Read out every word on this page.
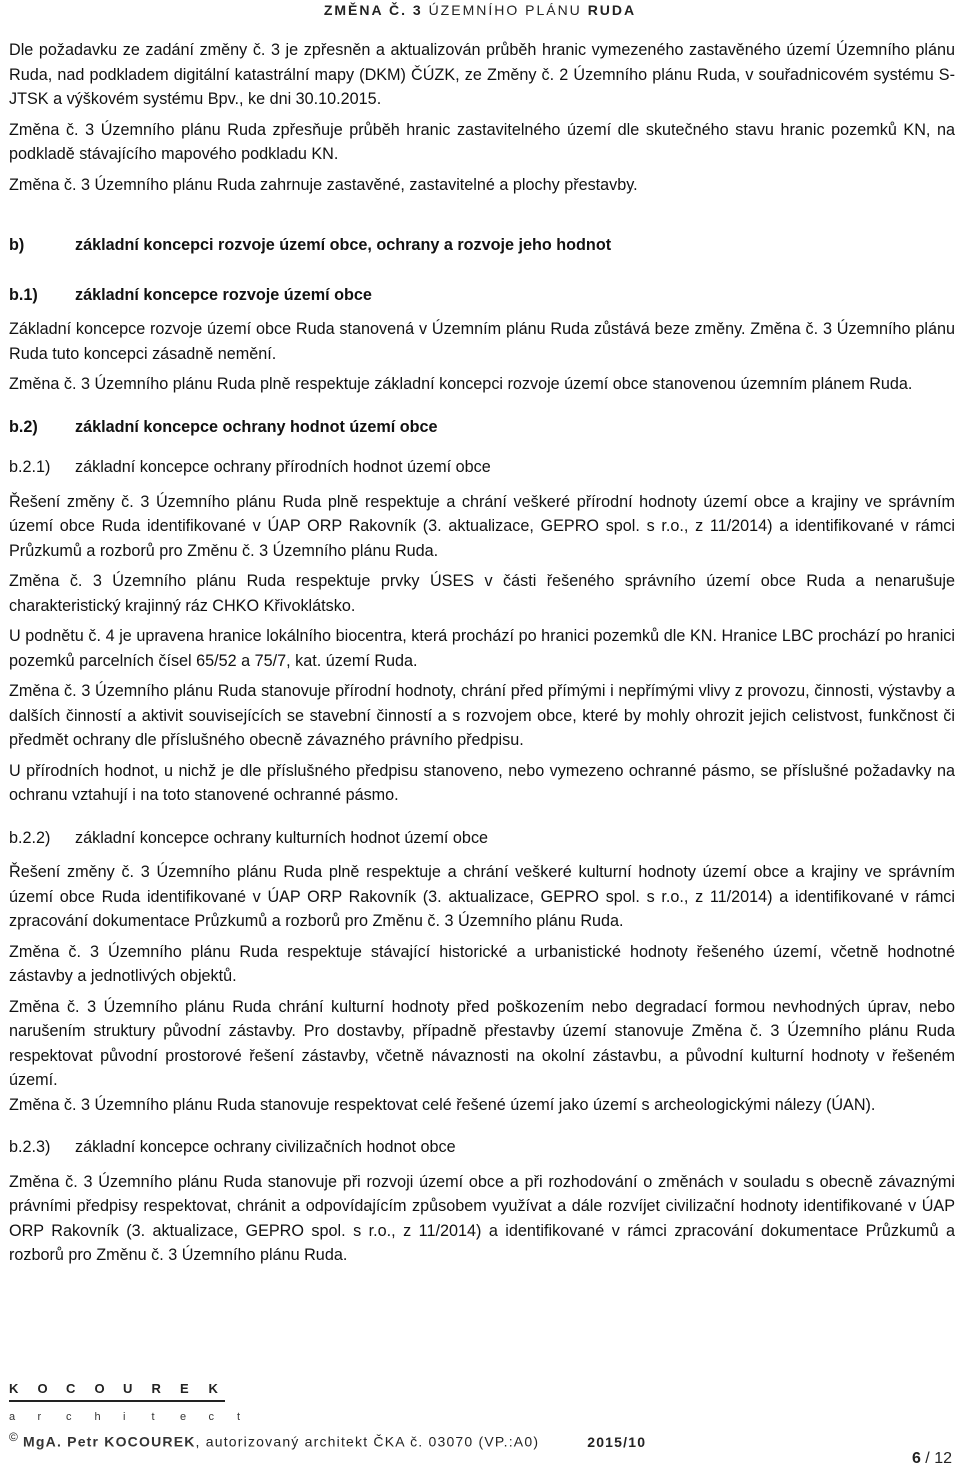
ZMĚNA Č. 3 ÚZEMNÍHO PLÁNU RUDA

Dle požadavku ze zadání změny č. 3 je zpřesněn a aktualizován průběh hranic vymezeného zastavěného území Územního plánu Ruda, nad podkladem digitální katastrální mapy (DKM) ČÚZK, ze Změny č. 2 Územního plánu Ruda, v souřadnicovém systému S-JTSK a výškovém systému Bpv., ke dni 30.10.2015.

Změna č. 3 Územního plánu Ruda zpřesňuje průběh hranic zastavitelného území dle skutečného stavu hranic pozemků KN, na podkladě stávajícího mapového podkladu KN.

Změna č. 3 Územního plánu Ruda zahrnuje zastavěné, zastavitelné a plochy přestavby.

b)	základní koncepci rozvoje území obce, ochrany a rozvoje jeho hodnot
b.1)	základní koncepce rozvoje území obce

Základní koncepce rozvoje území obce Ruda stanovená v Územním plánu Ruda zůstává beze změny. Změna č. 3 Územního plánu Ruda tuto koncepci zásadně nemění.

Změna č. 3 Územního plánu Ruda plně respektuje základní koncepci rozvoje území obce stanovenou územním plánem Ruda.

b.2)	základní koncepce ochrany hodnot území obce
b.2.1)	základní koncepce ochrany přírodních hodnot území obce

Řešení změny č. 3 Územního plánu Ruda plně respektuje a chrání veškeré přírodní hodnoty území obce a krajiny ve správním území obce Ruda identifikované v ÚAP ORP Rakovník (3. aktualizace, GEPRO spol. s r.o., z 11/2014) a identifikované v rámci Průzkumů a rozborů pro Změnu č. 3 Územního plánu Ruda.

Změna č. 3 Územního plánu Ruda respektuje prvky ÚSES v části řešeného správního území obce Ruda a nenarušuje charakteristický krajinný ráz CHKO Křivoklátsko.

U podnětu č. 4 je upravena hranice lokálního biocentra, která prochází po hranici pozemků dle KN. Hranice LBC prochází po hranici pozemků parcelních čísel 65/52 a 75/7, kat. území Ruda.

Změna č. 3 Územního plánu Ruda stanovuje přírodní hodnoty, chrání před přímými i nepřímými vlivy z provozu, činnosti, výstavby a dalších činností a aktivit souvisejících se stavební činností a s rozvojem obce, které by mohly ohrozit jejich celistvost, funkčnost či předmět ochrany dle příslušného obecně závazného právního předpisu.

U přírodních hodnot, u nichž je dle příslušného předpisu stanoveno, nebo vymezeno ochranné pásmo, se příslušné požadavky na ochranu vztahují i na toto stanovené ochranné pásmo.

b.2.2)	základní koncepce ochrany kulturních hodnot území obce

Řešení změny č. 3 Územního plánu Ruda plně respektuje a chrání veškeré kulturní hodnoty území obce a krajiny ve správním území obce Ruda identifikované v ÚAP ORP Rakovník (3. aktualizace, GEPRO spol. s r.o., z 11/2014) a identifikované v rámci zpracování dokumentace Průzkumů a rozborů pro Změnu č. 3 Územního plánu Ruda.

Změna č. 3 Územního plánu Ruda respektuje stávající historické a urbanistické hodnoty řešeného území, včetně hodnotné zástavby a jednotlivých objektů.

Změna č. 3 Územního plánu Ruda chrání kulturní hodnoty před poškozením nebo degradací formou nevhodných úprav, nebo narušením struktury původní zástavby. Pro dostavby, případně přestavby území stanovuje Změna č. 3 Územního plánu Ruda respektovat původní prostorové řešení zástavby, včetně návaznosti na okolní zástavbu, a původní kulturní hodnoty v řešeném území.

Změna č. 3 Územního plánu Ruda stanovuje respektovat celé řešené území jako území s archeologickými nálezy (ÚAN).

b.2.3)	základní koncepce ochrany civilizačních hodnot obce

Změna č. 3 Územního plánu Ruda stanovuje při rozvoji území obce a při rozhodování o změnách v souladu s obecně závaznými právními předpisy respektovat, chránit a odpovídajícím způsobem využívat a dále rozvíjet civilizační hodnoty identifikované v ÚAP ORP Rakovník (3. aktualizace, GEPRO spol. s r.o., z 11/2014) a identifikované v rámci zpracování dokumentace Průzkumů a rozborů pro Změnu č. 3 Územního plánu Ruda.

K	O	C	O	U	R	E	K
a	r	c	h	i	t	e	c	t
© MgA. Petr KOCOUREK, autorizovaný architekt ČKA č. 03070 (VP.:A0)	2015/10
6 / 12
